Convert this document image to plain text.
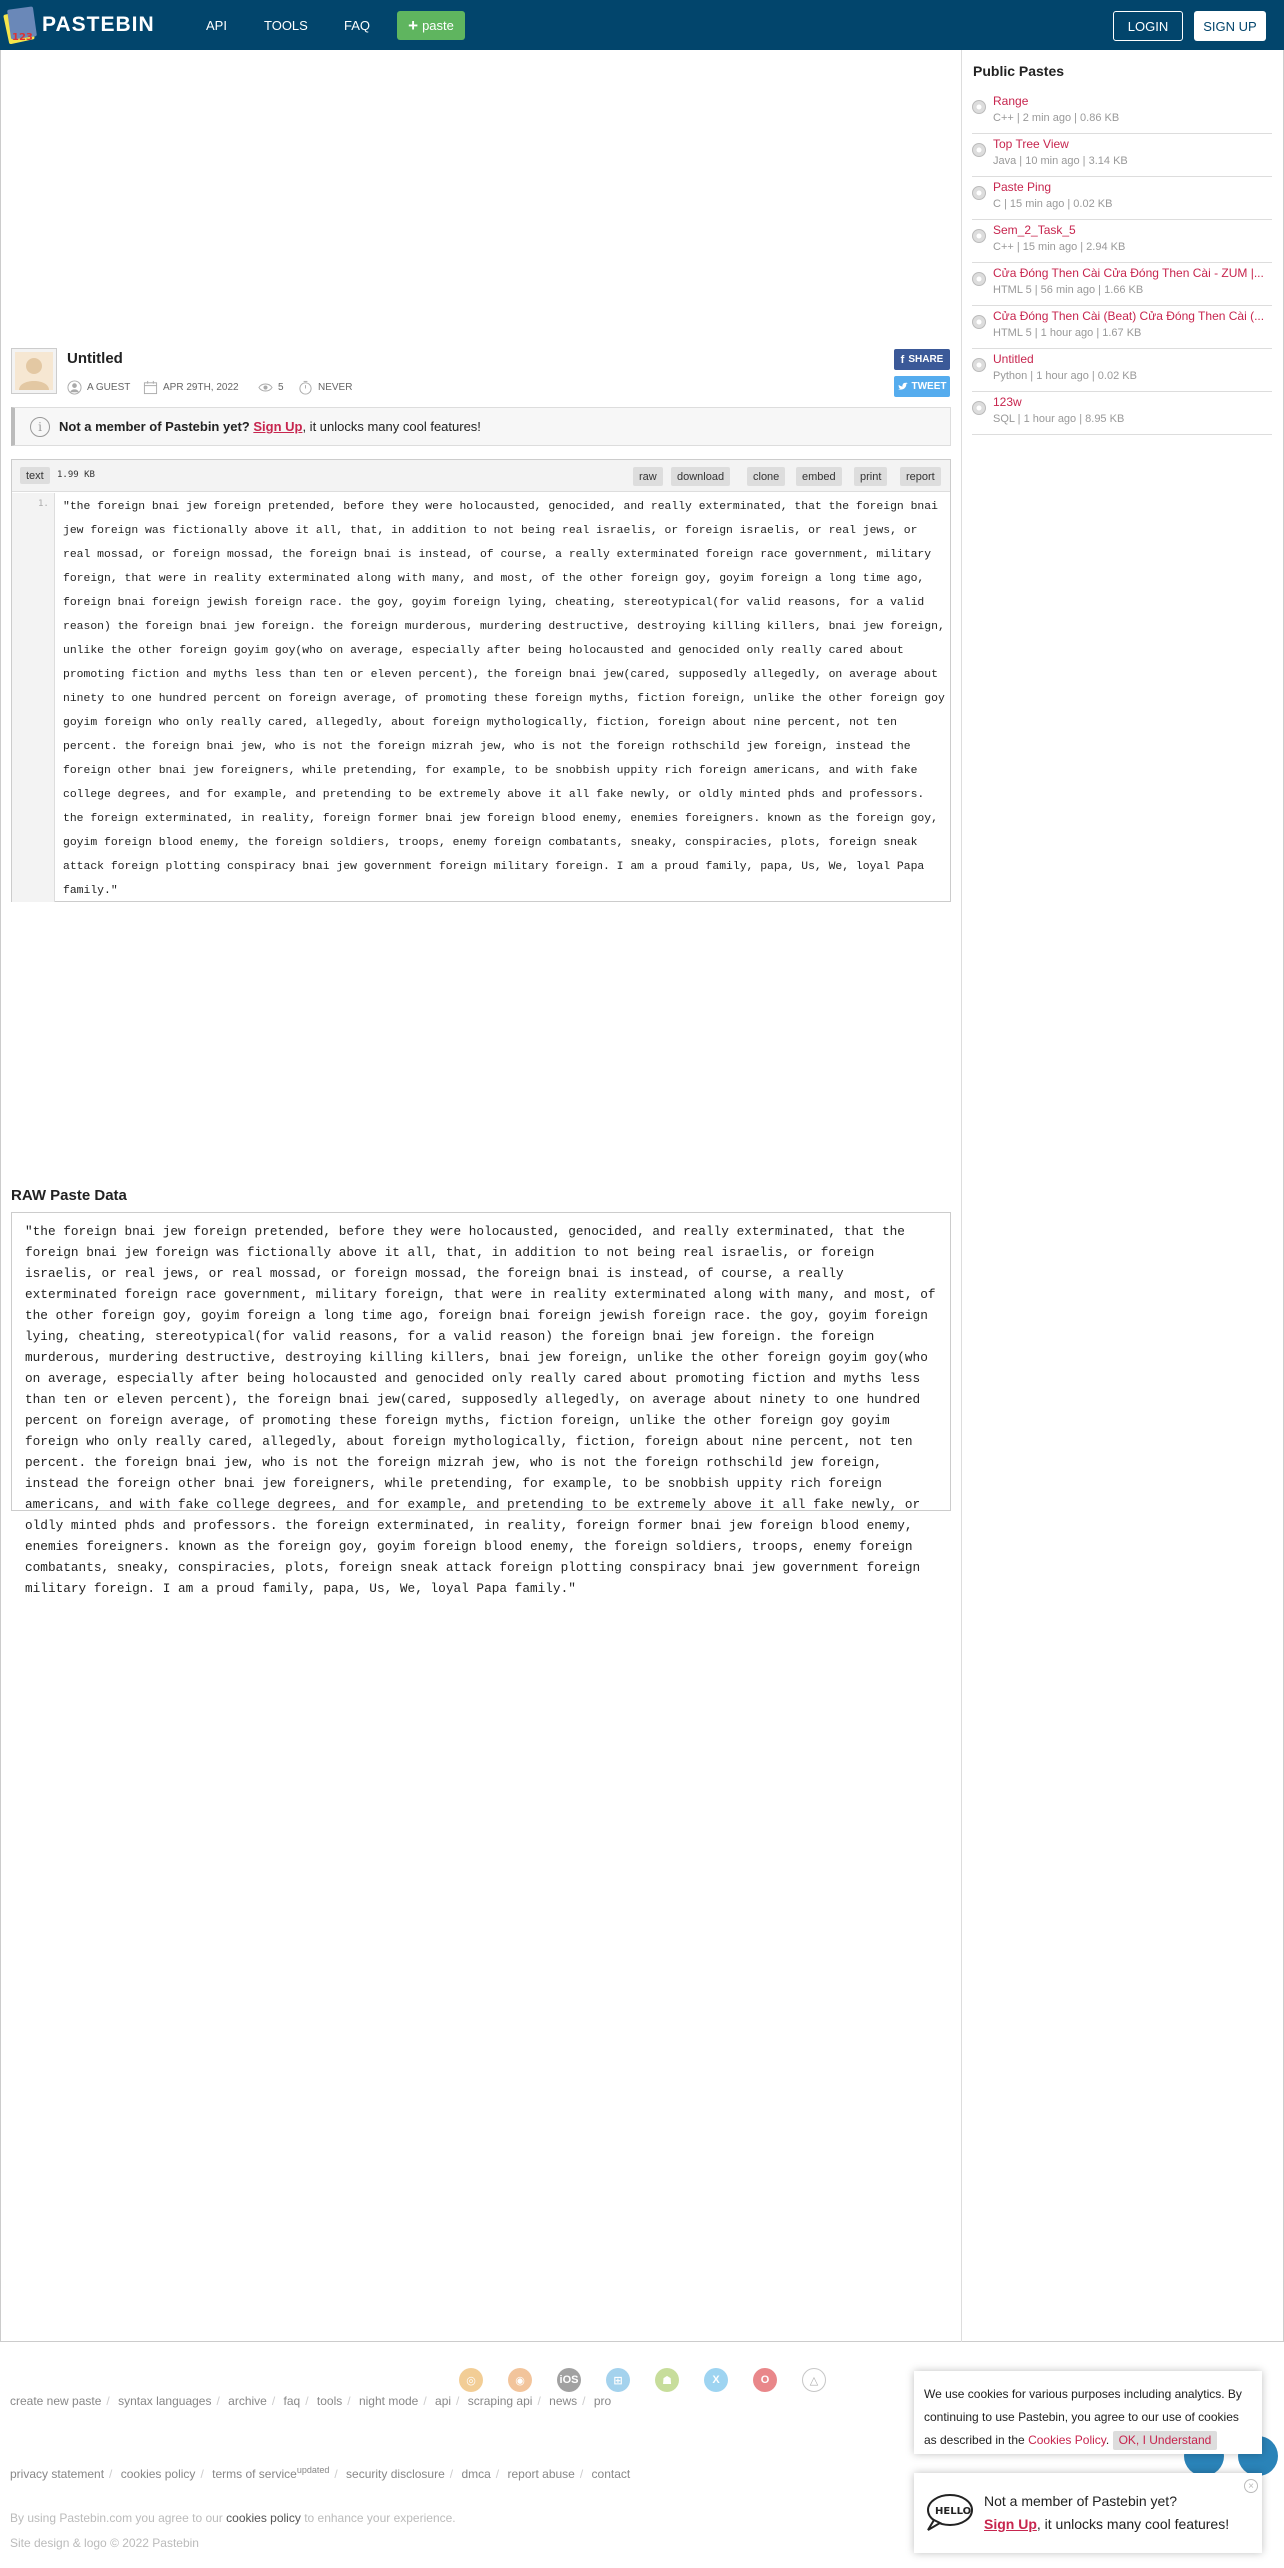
123
PASTEBIN	API	TOOLS	FAQ + paste	LOGIN	SIGN UP
Untitled
A GUEST	APR 29TH, 2022	5	NEVER
f SHARE
TWEET
i	Not a member of Pastebin yet?
Sign Up , it unlocks many cool features!
text	1.99 KB	raw	download	clone	embed	print	report
1. "the foreign bnai jew foreign pretended, before they were holocausted, genocided, and really exterminated, that the foreign bnai jew foreign was fictionally above it all, that, in addition to not being real israelis, or foreign israelis, or real jews, or real mossad, or foreign mossad, the foreign bnai is instead, of course, a really exterminated foreign race government, military foreign, that were in reality exterminated along with many, and most, of the other foreign goy, goyim foreign a long time ago, foreign bnai foreign jewish foreign race. the goy, goyim foreign lying, cheating, stereotypical(for valid reasons, for a valid reason) the foreign bnai jew foreign. the foreign murderous, murdering destructive, destroying killing killers, bnai jew foreign, unlike the other foreign goyim goy(who on average, especially after being holocausted and genocided only really cared about promoting fiction and myths less than ten or eleven percent), the foreign bnai jew(cared, supposedly allegedly, on average about ninety to one hundred percent on foreign average, of promoting these foreign myths, fiction foreign, unlike the other foreign goy goyim foreign who only really cared, allegedly, about foreign mythologically, fiction, foreign about nine percent, not ten percent. the foreign bnai jew, who is not the foreign mizrah jew, who is not the foreign rothschild jew foreign, instead the foreign other bnai jew foreigners, while pretending, for example, to be snobbish uppity rich foreign americans, and with fake college degrees, and for example, and pretending to be extremely above it all fake newly, or oldly minted phds and professors. the foreign exterminated, in reality, foreign former bnai jew foreign blood enemy, enemies foreigners. known as the foreign goy, goyim foreign blood enemy, the foreign soldiers, troops, enemy foreign combatants, sneaky, conspiracies, plots, foreign sneak attack foreign plotting conspiracy bnai jew government foreign military foreign. I am a proud family, papa, Us, We, loyal Papa family."
RAW Paste Data
"the foreign bnai jew foreign pretended, before they were holocausted, genocided, and really exterminated, that the foreign bnai jew foreign was fictionally above it all, that, in addition to not being real israelis, or foreign israelis, or real jews, or real mossad, or foreign mossad, the foreign bnai is instead, of course, a really exterminated foreign race government, military foreign, that were in reality exterminated along with many, and most, of the other foreign goy, goyim foreign a long time ago, foreign bnai foreign jewish foreign race. the goy, goyim foreign lying, cheating, stereotypical(for valid reasons, for a valid reason) the foreign bnai jew foreign. the foreign murderous, murdering destructive, destroying killing killers, bnai jew foreign, unlike the other foreign goyim goy(who on average, especially after being holocausted and genocided only really cared about promoting fiction and myths less than ten or eleven percent), the foreign bnai jew(cared, supposedly allegedly, on average about ninety to one hundred percent on foreign average, of promoting these foreign myths, fiction foreign, unlike the other foreign goy goyim foreign who only really cared, allegedly, about foreign mythologically, fiction, foreign about nine percent, not ten percent. the foreign bnai jew, who is not the foreign mizrah jew, who is not the foreign rothschild jew foreign, instead the foreign other bnai jew foreigners, while pretending, for example, to be snobbish uppity rich foreign americans, and with fake college degrees, and for example, and pretending to be extremely above it all fake newly, or oldly minted phds and professors. the foreign exterminated, in reality, foreign former bnai jew foreign blood enemy, enemies foreigners. known as the foreign goy, goyim foreign blood enemy, the foreign soldiers, troops, enemy foreign combatants, sneaky, conspiracies, plots, foreign sneak attack foreign plotting conspiracy bnai jew government foreign military foreign. I am a proud family, papa, Us, We, loyal Papa family."
Public Pastes
Range
C++ | 2 min ago | 0.86 KB
Top Tree View
Java | 10 min ago | 3.14 KB
Paste Ping
C | 15 min ago | 0.02 KB
Sem_2_Task_5
C++ | 15 min ago | 2.94 KB
Cửa Đóng Then Cài Cửa Đóng Then Cài - ZUM |...
HTML 5 | 56 min ago | 1.66 KB
Cửa Đóng Then Cài (Beat) Cửa Đóng Then Cài (...
HTML 5 | 1 hour ago | 1.67 KB
Untitled
Python | 1 hour ago | 0.02 KB
123w
SQL | 1 hour ago | 8.95 KB
◎	◉	iOS	⊞	☗	X	O	△
create new paste / syntax languages / archive / faq / tools / night mode / api / scraping api / news / pro
privacy statement / cookies policy / terms of service$^{updated}$ / security disclosure / dmca / report abuse / contact
By using Pastebin.com you agree to our cookies policy to enhance your experience.
Site design & logo © 2022 Pastebin
We use cookies for various purposes including analytics. By continuing to use Pastebin, you agree to our use of cookies as described in the Cookies Policy. OK, I Understand
HELLO
Not a member of Pastebin yet?
Sign Up, it unlocks many cool features!
×
